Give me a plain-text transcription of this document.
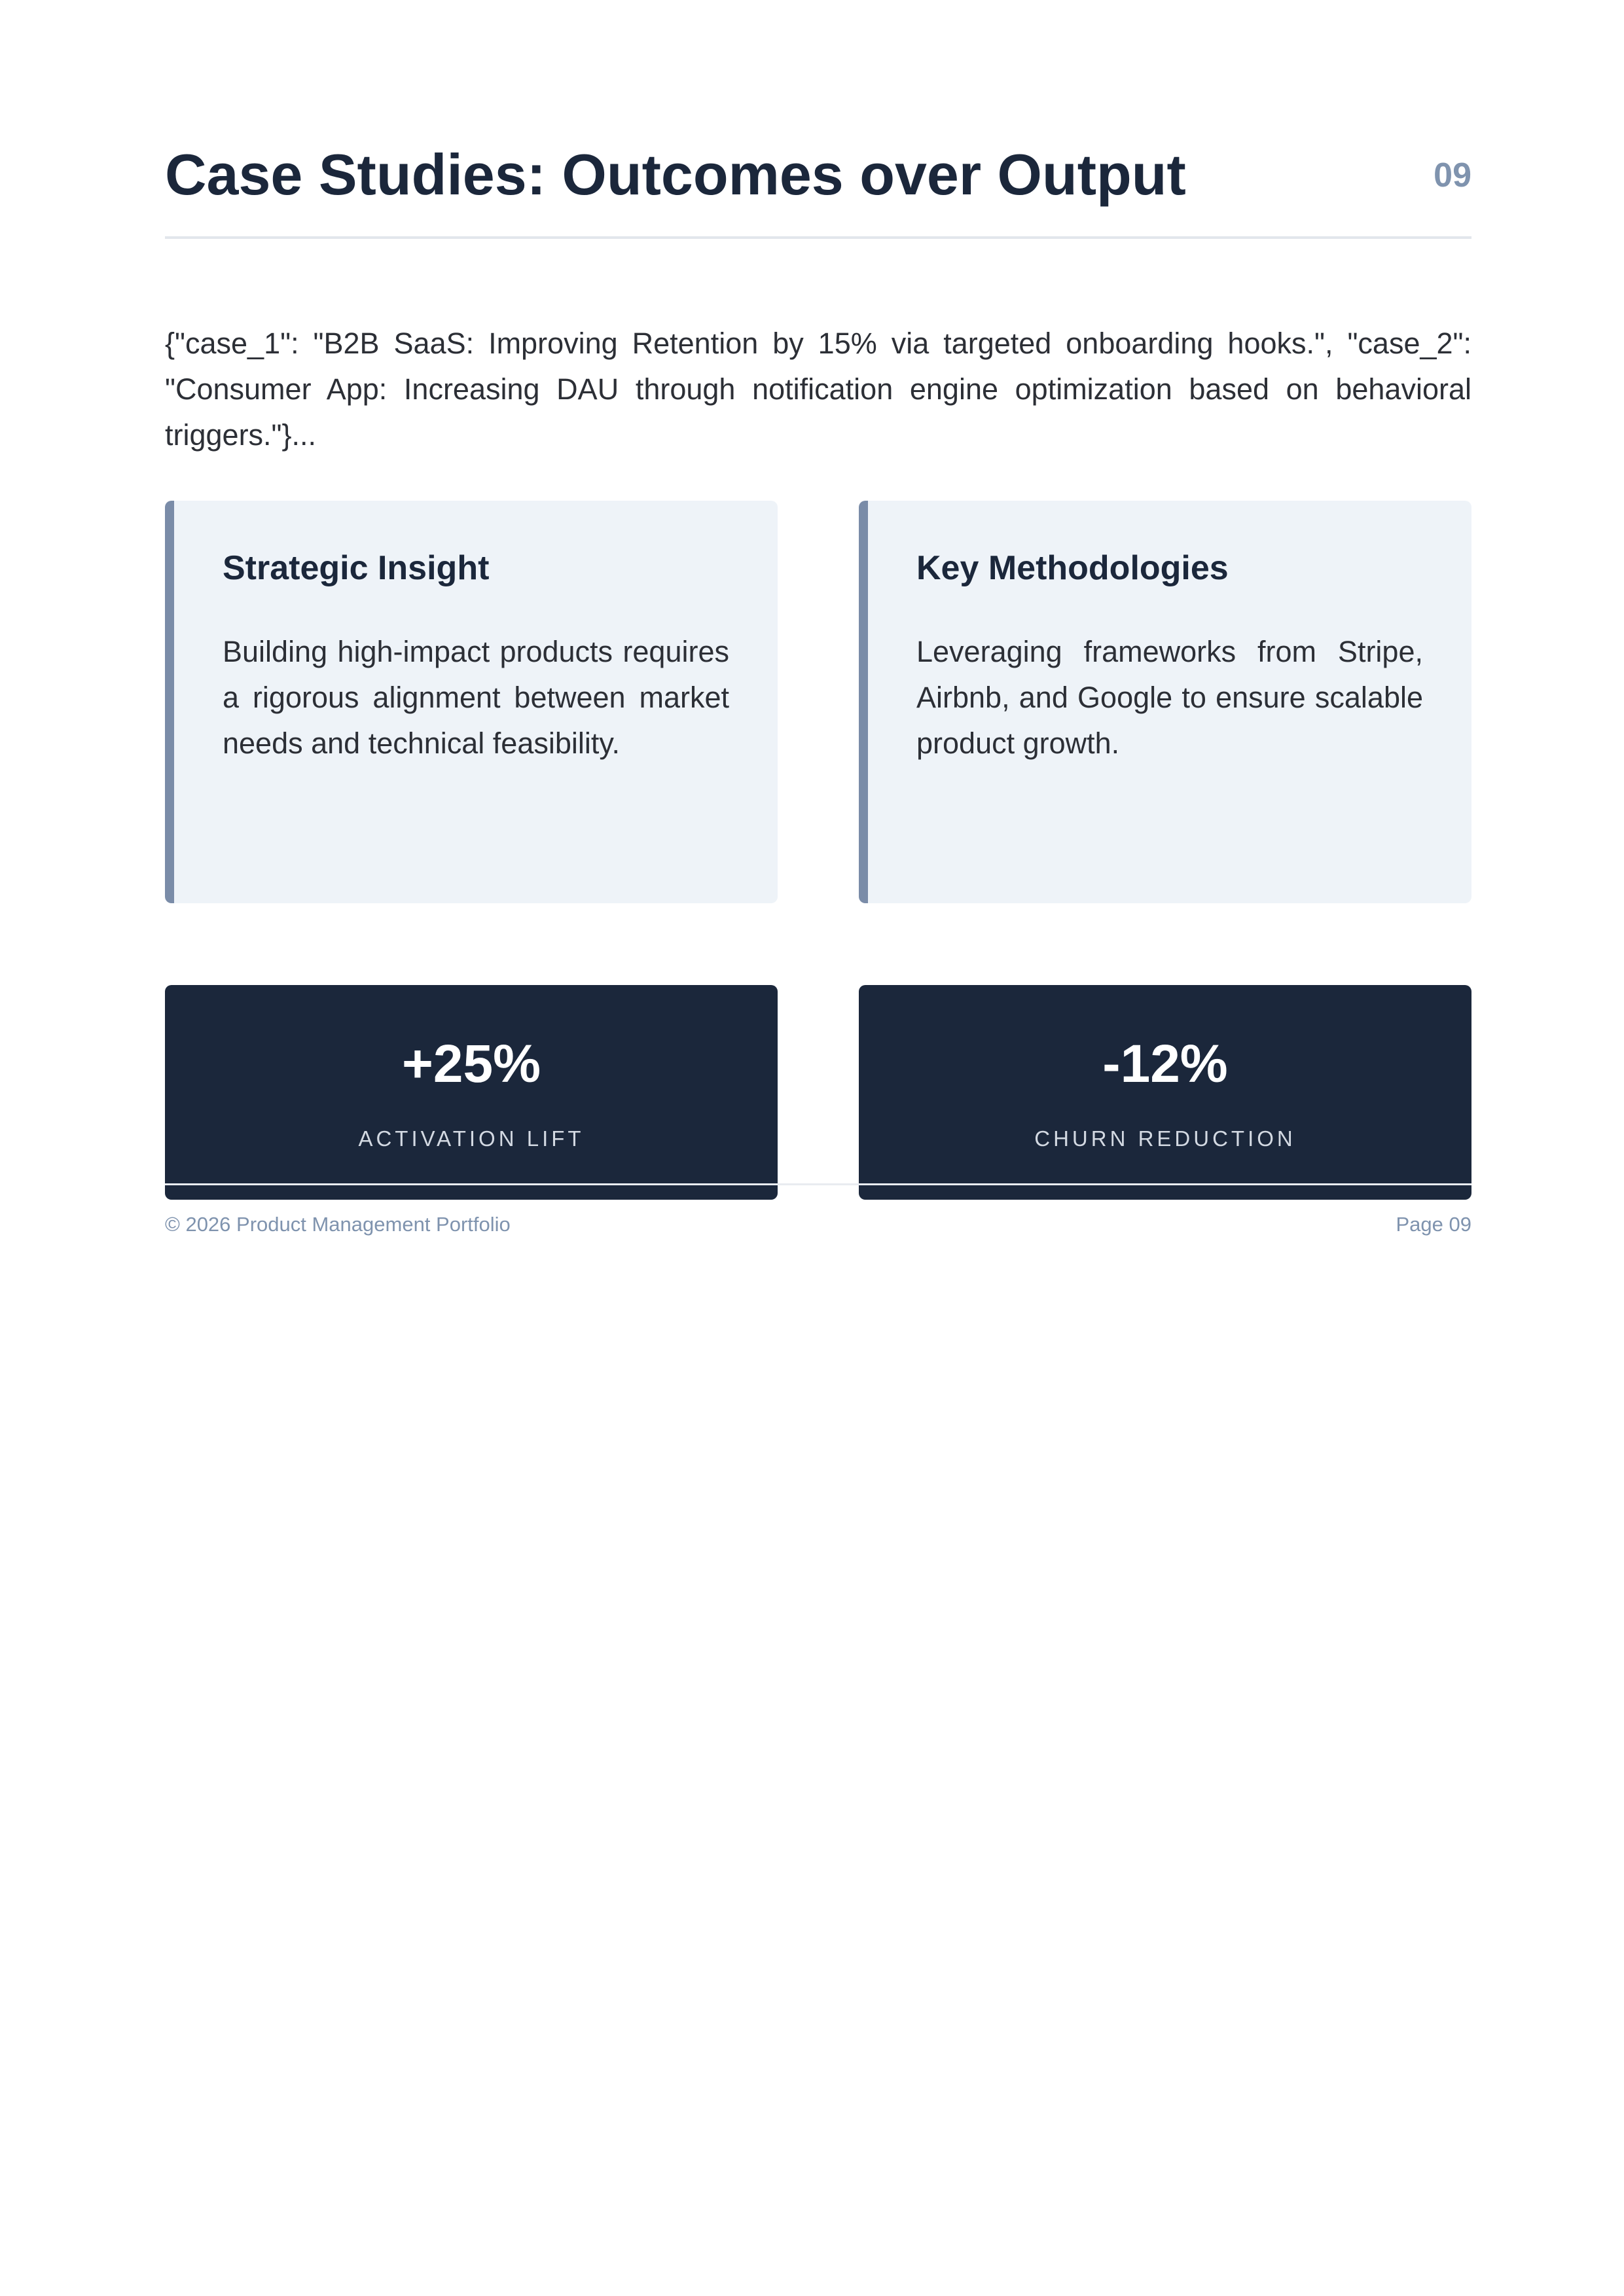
Case Studies: Outcomes over Output	09

{"case_1": "B2B SaaS: Improving Retention by 15% via targeted onboarding hooks.", "case_2": "Consumer App: Increasing DAU through notification engine optimization based on behavioral triggers."}...

Strategic Insight

Building high-impact products requires a rigorous alignment between market needs and technical feasibility.

Key Methodologies

Leveraging frameworks from Stripe, Airbnb, and Google to ensure scalable product growth.

+25%
ACTIVATION LIFT
-12%
CHURN REDUCTION
© 2026 Product Management Portfolio	Page 09
